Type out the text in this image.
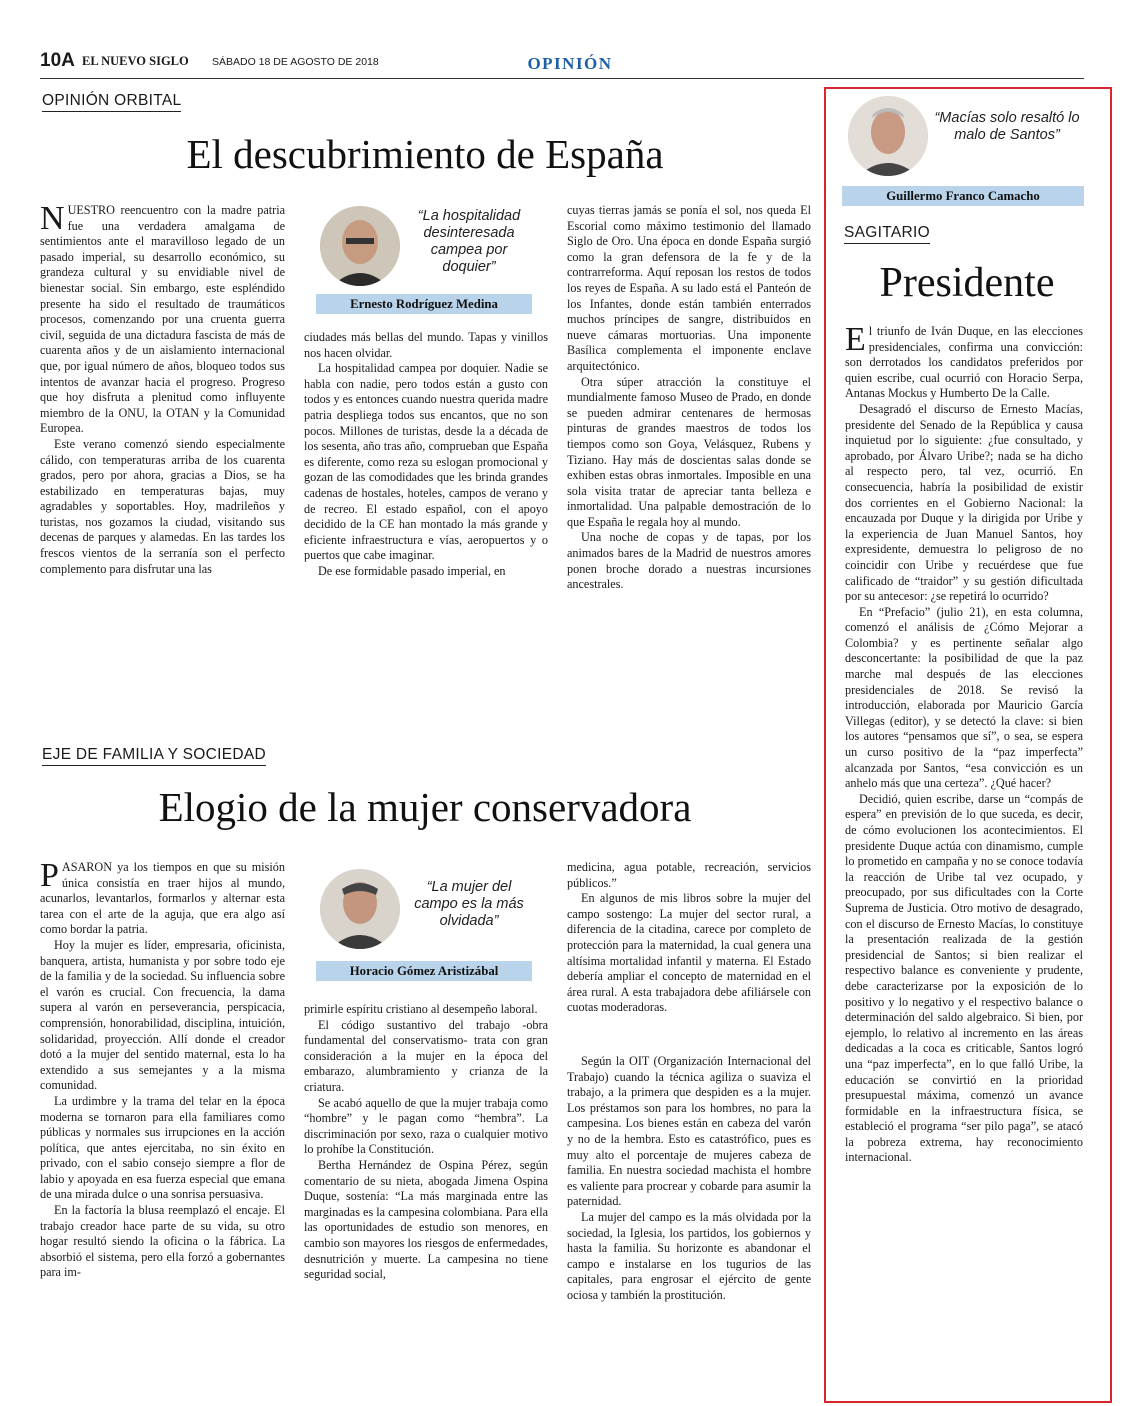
10A EL NUEVO SIGLO SÁBADO 18 DE AGOSTO DE 2018	OPINIÓN
OPINIÓN ORBITAL
El descubrimiento de España

NUESTRO reencuentro con la madre patria fue una verdadera amalgama de sentimientos ante el maravilloso legado de un pasado imperial, su desarrollo económico, su grandeza cultural y su envidiable nivel de bienestar social. Sin embargo, este espléndido presente ha sido el resultado de traumáticos procesos, comenzando por una cruenta guerra civil, seguida de una dictadura fascista de más de cuarenta años y de un aislamiento internacional que, por igual número de años, bloqueo todos sus intentos de avanzar hacia el progreso. Progreso que hoy disfruta a plenitud como influyente miembro de la ONU, la OTAN y la Comunidad Europea.

Este verano comenzó siendo especialmente cálido, con temperaturas arriba de los cuarenta grados, pero por ahora, gracias a Dios, se ha estabilizado en temperaturas bajas, muy agradables y soportables. Hoy, madrileños y turistas, nos gozamos la ciudad, visitando sus decenas de parques y alamedas. En las tardes los frescos vientos de la serranía son el perfecto complemento para disfrutar una las

“La hospitalidad desinteresada campea por doquier”
Ernesto Rodríguez Medina

ciudades más bellas del mundo. Tapas y vinillos nos hacen olvidar.

La hospitalidad campea por doquier. Nadie se habla con nadie, pero todos están a gusto con todos y es entonces cuando nuestra querida madre patria despliega todos sus encantos, que no son pocos. Millones de turistas, desde la a década de los sesenta, año tras año, comprueban que España es diferente, como reza su eslogan promocional y gozan de las comodidades que les brinda grandes cadenas de hostales, hoteles, campos de verano y de recreo. El estado español, con el apoyo decidido de la CE han montado la más grande y eficiente infraestructura e vías, aeropuertos y o puertos que cabe imaginar.

De ese formidable pasado imperial, en

cuyas tierras jamás se ponía el sol, nos queda El Escorial como máximo testimonio del llamado Siglo de Oro. Una época en donde España surgió como la gran defensora de la fe y de la contrarreforma. Aquí reposan los restos de todos los reyes de España. A su lado está el Panteón de los Infantes, donde están también enterrados muchos príncipes de sangre, distribuidos en nueve cámaras mortuorias. Una imponente Basílica complementa el imponente enclave arquitectónico.

Otra súper atracción la constituye el mundialmente famoso Museo de Prado, en donde se pueden admirar centenares de hermosas pinturas de grandes maestros de todos los tiempos como son Goya, Velásquez, Rubens y Tiziano. Hay más de doscientas salas donde se exhiben estas obras inmortales. Imposible en una sola visita tratar de apreciar tanta belleza e inmortalidad. Una palpable demostración de lo que España le regala hoy al mundo.

Una noche de copas y de tapas, por los animados bares de la Madrid de nuestros amores ponen broche dorado a nuestras incursiones ancestrales.

EJE DE FAMILIA Y SOCIEDAD
Elogio de la mujer conservadora

PASARON ya los tiempos en que su misión única consistía en traer hijos al mundo, acunarlos, levantarlos, formarlos y alternar esta tarea con el arte de la aguja, que era algo así como bordar la patria.

Hoy la mujer es líder, empresaria, oficinista, banquera, artista, humanista y por sobre todo eje de la familia y de la sociedad. Su influencia sobre el varón es crucial. Con frecuencia, la dama supera al varón en perseverancia, perspicacia, comprensión, honorabilidad, disciplina, intuición, solidaridad, proyección. Allí donde el creador dotó a la mujer del sentido maternal, esta lo ha extendido a sus semejantes y a la misma comunidad.

La urdimbre y la trama del telar en la época moderna se tornaron para ella familiares como públicas y normales sus irrupciones en la acción política, que antes ejercitaba, no sin éxito en privado, con el sabio consejo siempre a flor de labio y apoyada en esa fuerza especial que emana de una mirada dulce o una sonrisa persuasiva.

En la factoría la blusa reemplazó el encaje. El trabajo creador hace parte de su vida, su otro hogar resultó siendo la oficina o la fábrica. La absorbió el sistema, pero ella forzó a gobernantes para im-

“La mujer del campo es la más olvidada”
Horacio Gómez Aristizábal

primirle espíritu cristiano al desempeño laboral.

El código sustantivo del trabajo -obra fundamental del conservatismo- trata con gran consideración a la mujer en la época del embarazo, alumbramiento y crianza de la criatura.

Se acabó aquello de que la mujer trabaja como “hombre” y le pagan como “hembra”. La discriminación por sexo, raza o cualquier motivo lo prohíbe la Constitución.

Bertha Hernández de Ospina Pérez, según comentario de su nieta, abogada Jimena Ospina Duque, sostenía: “La más marginada entre las marginadas es la campesina colombiana. Para ella las oportunidades de estudio son menores, en cambio son mayores los riesgos de enfermedades, desnutrición y muerte. La campesina no tiene seguridad social,

medicina, agua potable, recreación, servicios públicos.”

En algunos de mis libros sobre la mujer del campo sostengo: La mujer del sector rural, a diferencia de la citadina, carece por completo de protección para la maternidad, la cual genera una altísima mortalidad infantil y materna. El Estado debería ampliar el concepto de maternidad en el área rural. A esta trabajadora debe afiliársele con cuotas moderadoras.

Según la OIT (Organización Internacional del Trabajo) cuando la técnica agiliza o suaviza el trabajo, a la primera que despiden es a la mujer. Los préstamos son para los hombres, no para la campesina. Los bienes están en cabeza del varón y no de la hembra. Esto es catastrófico, pues es muy alto el porcentaje de mujeres cabeza de familia. En nuestra sociedad machista el hombre es valiente para procrear y cobarde para asumir la paternidad.

La mujer del campo es la más olvidada por la sociedad, la Iglesia, los partidos, los gobiernos y hasta la familia. Su horizonte es abandonar el campo e instalarse en los tugurios de las capitales, para engrosar el ejército de gente ociosa y también la prostitución.

“Macías solo resaltó lo malo de Santos”
Guillermo Franco Camacho
SAGITARIO
Presidente

El triunfo de Iván Duque, en las elecciones presidenciales, confirma una convicción: son derrotados los candidatos preferidos por quien escribe, cual ocurrió con Horacio Serpa, Antanas Mockus y Humberto De la Calle.

Desagradó el discurso de Ernesto Macías, presidente del Senado de la República y causa inquietud por lo siguiente: ¿fue consultado, y aprobado, por Álvaro Uribe?; nada se ha dicho al respecto pero, tal vez, ocurrió. En consecuencia, habría la posibilidad de existir dos corrientes en el Gobierno Nacional: la encauzada por Duque y la dirigida por Uribe y la experiencia de Juan Manuel Santos, hoy expresidente, demuestra lo peligroso de no coincidir con Uribe y recuérdese que fue calificado de “traidor” y su gestión dificultada por su antecesor: ¿se repetirá lo ocurrido?

En “Prefacio” (julio 21), en esta columna, comenzó el análisis de ¿Cómo Mejorar a Colombia? y es pertinente señalar algo desconcertante: la posibilidad de que la paz marche mal después de las elecciones presidenciales de 2018. Se revisó la introducción, elaborada por Mauricio García Villegas (editor), y se detectó la clave: si bien los autores “pensamos que sí”, o sea, se espera un curso positivo de la “paz imperfecta” alcanzada por Santos, “esa convicción es un anhelo más que una certeza”. ¿Qué hacer?

Decidió, quien escribe, darse un “compás de espera” en previsión de lo que suceda, es decir, de cómo evolucionen los acontecimientos. El presidente Duque actúa con dinamismo, cumple lo prometido en campaña y no se conoce todavía la reacción de Uribe tal vez ocupado, y preocupado, por sus dificultades con la Corte Suprema de Justicia. Otro motivo de desagrado, con el discurso de Ernesto Macías, lo constituye la presentación realizada de la gestión presidencial de Santos; si bien realizar el respectivo balance es conveniente y prudente, debe caracterizarse por la exposición de lo positivo y lo negativo y el respectivo balance o determinación del saldo algebraico. Si bien, por ejemplo, lo relativo al incremento en las áreas dedicadas a la coca es criticable, Santos logró una “paz imperfecta”, en lo que falló Uribe, la educación se convirtió en la prioridad presupuestal máxima, comenzó un avance formidable en la infraestructura física, se estableció el programa “ser pilo paga”, se atacó la pobreza extrema, hay reconocimiento internacional.
